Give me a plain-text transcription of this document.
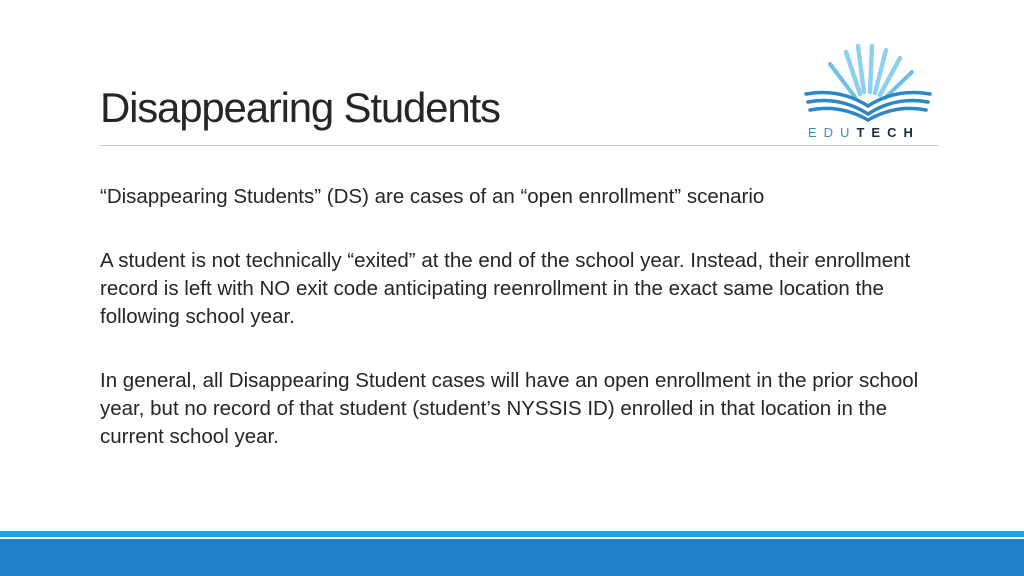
Disappearing Students
EDUTECH

“Disappearing Students” (DS) are cases of an “open enrollment” scenario

A student is not technically “exited” at the end of the school year. Instead, their enrollment record is left with NO exit code anticipating reenrollment in the exact same location the following school year.

In general, all Disappearing Student cases will have an open enrollment in the prior school year, but no record of that student (student’s NYSSIS ID) enrolled in that location in the current school year.
